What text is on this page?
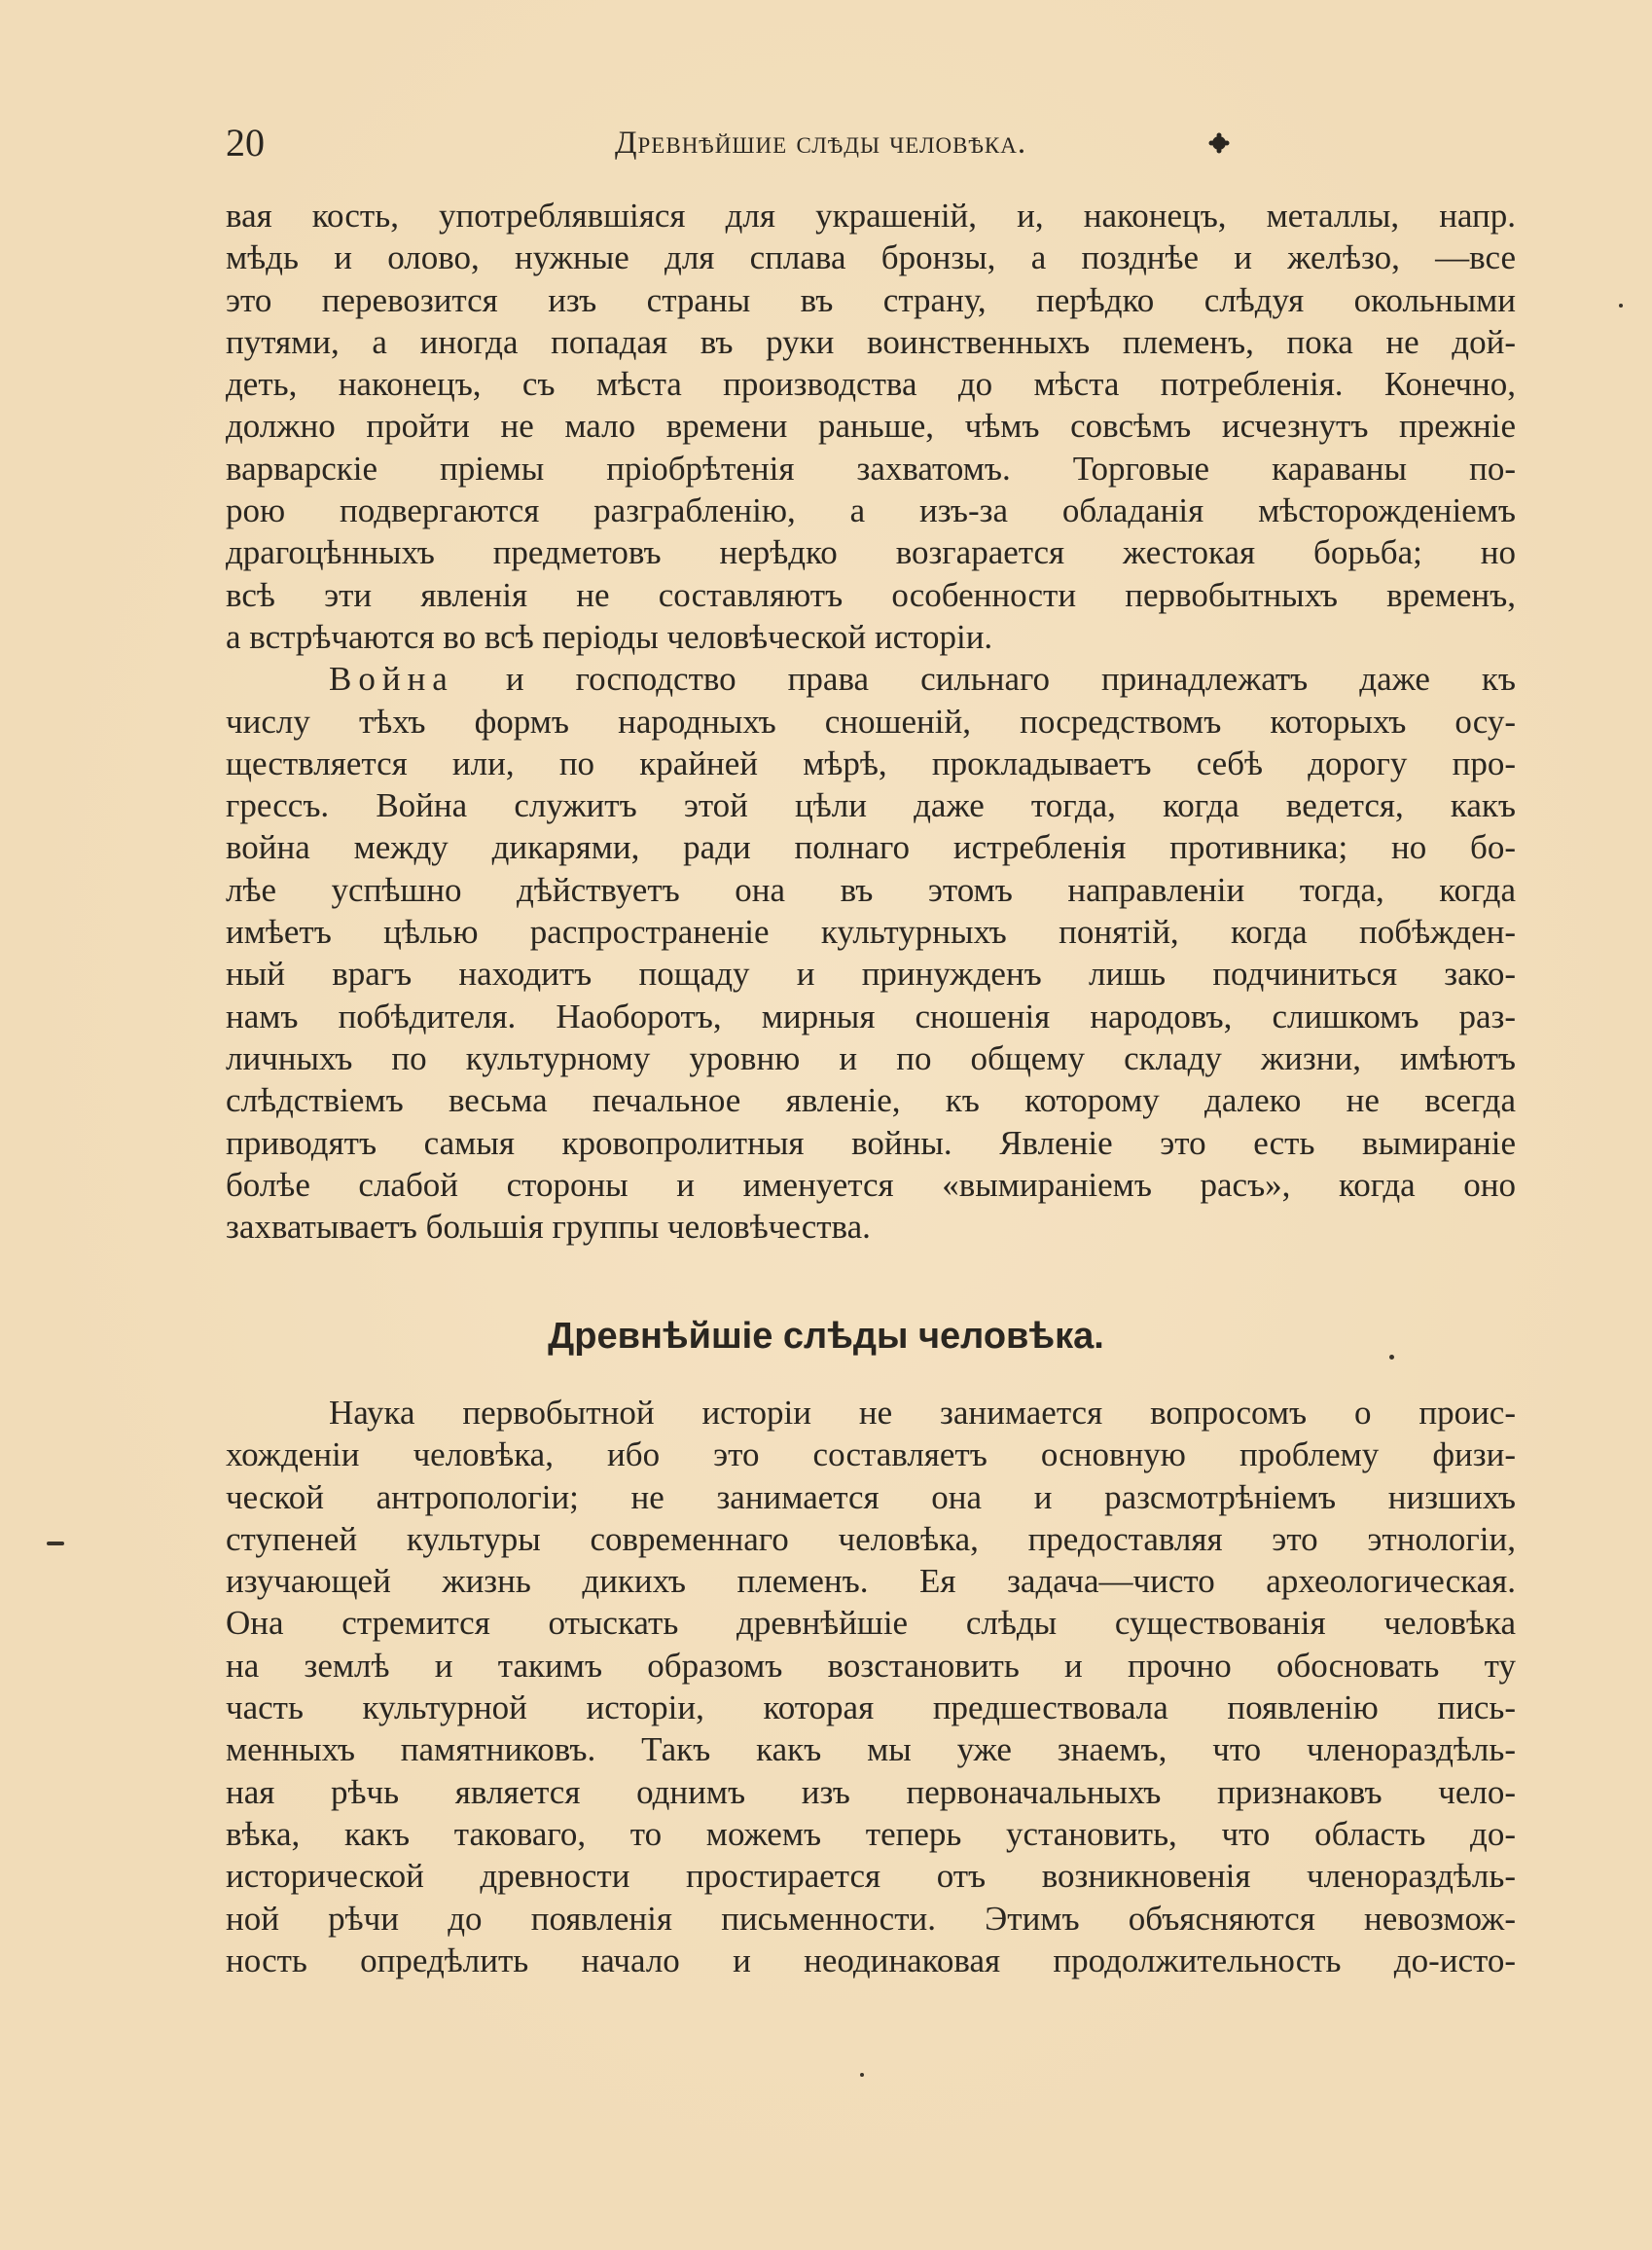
20	Древнѣйшие слѣды человѣка.
вая кость, употреблявшіяся для украшеній, и, наконецъ, металлы, напр.
мѣдь и олово, нужные для сплава бронзы, а позднѣе и желѣзо, —все
это перевозится изъ страны въ страну, перѣдко слѣдуя окольными
путями, а иногда попадая въ руки воинственныхъ племенъ, пока не дой-
деть, наконецъ, съ мѣста производства до мѣста потребленія. Конечно,
должно пройти не мало времени раньше, чѣмъ совсѣмъ исчезнутъ прежніе
варварскіе пріемы пріобрѣтенія захватомъ. Торговые караваны по-
рою подвергаются разграбленію, а изъ-за обладанія мѣсторожденіемъ
драгоцѣнныхъ предметовъ нерѣдко возгарается жестокая борьба; но
всѣ эти явленія не составляютъ особенности первобытныхъ временъ,
а встрѣчаются во всѣ періоды человѣческой исторіи.
Война и господство права сильнаго принадлежатъ даже къ
числу тѣхъ формъ народныхъ сношеній, посредствомъ которыхъ осу-
ществляется или, по крайней мѣрѣ, прокладываетъ себѣ дорогу про-
грессъ. Война служитъ этой цѣли даже тогда, когда ведется, какъ
война между дикарями, ради полнаго истребленія противника; но бо-
лѣе успѣшно дѣйствуетъ она въ этомъ направленіи тогда, когда
имѣетъ цѣлью распространеніе культурныхъ понятій, когда побѣжден-
ный врагъ находитъ пощаду и принужденъ лишь подчиниться зако-
намъ побѣдителя. Наоборотъ, мирныя сношенія народовъ, слишкомъ раз-
личныхъ по культурному уровню и по общему складу жизни, имѣютъ
слѣдствіемъ весьма печальное явленіе, къ которому далеко не всегда
приводятъ самыя кровопролитныя войны. Явленіе это есть вымираніе
болѣе слабой стороны и именуется «вымираніемъ расъ», когда оно
захватываетъ большія группы человѣчества.
Древнѣйшіе слѣды человѣка.
Наука первобытной исторіи не занимается вопросомъ о проис-
хожденіи человѣка, ибо это составляетъ основную проблему физи-
ческой антропологіи; не занимается она и разсмотрѣніемъ низшихъ
ступеней культуры современнаго человѣка, предоставляя это этнологіи,
изучающей жизнь дикихъ племенъ. Ея задача—чисто археологическая.
Она стремится отыскать древнѣйшіе слѣды существованія человѣка
на землѣ и такимъ образомъ возстановить и прочно обосновать ту
часть культурной исторіи, которая предшествовала появленію пись-
менныхъ памятниковъ. Такъ какъ мы уже знаемъ, что членораздѣль-
ная рѣчь является однимъ изъ первоначальныхъ признаковъ чело-
вѣка, какъ таковаго, то можемъ теперь установить, что область до-
исторической древности простирается отъ возникновенія членораздѣль-
ной рѣчи до появленія письменности. Этимъ объясняются невозмож-
ность опредѣлить начало и неодинаковая продолжительность до-исто-
